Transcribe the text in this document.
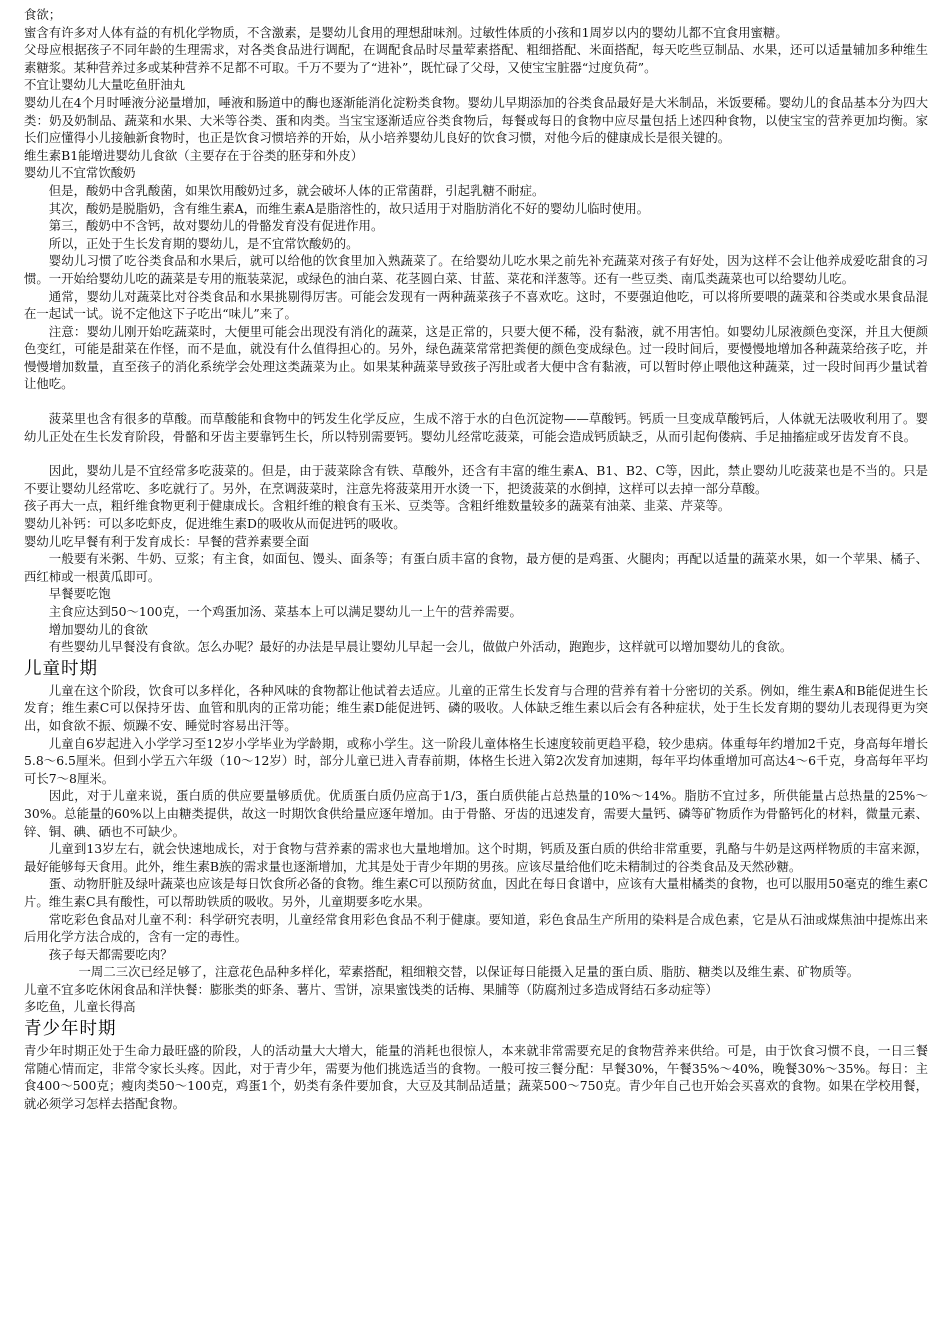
食欲；

蜜含有许多对人体有益的有机化学物质，不含激素，是婴幼儿食用的理想甜味剂。过敏性体质的小孩和1周岁以内的婴幼儿都不宜食用蜜糖。

父母应根据孩子不同年龄的生理需求，对各类食品进行调配，在调配食品时尽量荤素搭配、粗细搭配、米面搭配，每天吃些豆制品、水果，还可以适量辅加多种维生素糖浆。某种营养过多或某种营养不足都不可取。千万不要为了“进补”，既忙碌了父母，又使宝宝脏器“过度负荷”。

不宜让婴幼儿大量吃鱼肝油丸

婴幼儿在4个月时唾液分泌量增加，唾液和肠道中的酶也逐渐能消化淀粉类食物。婴幼儿早期添加的谷类食品最好是大米制品，米饭要稀。婴幼儿的食品基本分为四大类：奶及奶制品、蔬菜和水果、大米等谷类、蛋和肉类。当宝宝逐渐适应谷类食物后，每餐或每日的食物中应尽量包括上述四种食物，以使宝宝的营养更加均衡。家长们应懂得小儿接触新食物时，也正是饮食习惯培养的开始，从小培养婴幼儿良好的饮食习惯，对他今后的健康成长是很关键的。

维生素B1能增进婴幼儿食欲（主要存在于谷类的胚芽和外皮）

婴幼儿不宜常饮酸奶

但是，酸奶中含乳酸菌，如果饮用酸奶过多，就会破坏人体的正常菌群，引起乳糖不耐症。

其次，酸奶是脱脂奶，含有维生素A，而维生素A是脂溶性的，故只适用于对脂肪消化不好的婴幼儿临时使用。

第三，酸奶中不含钙，故对婴幼儿的骨骼发育没有促进作用。

所以，正处于生长发育期的婴幼儿，是不宜常饮酸奶的。

婴幼儿习惯了吃谷类食品和水果后，就可以给他的饮食里加入熟蔬菜了。在给婴幼儿吃水果之前先补充蔬菜对孩子有好处，因为这样不会让他养成爱吃甜食的习惯。一开始给婴幼儿吃的蔬菜是专用的瓶装菜泥，或绿色的油白菜、花茎圆白菜、甘蓝、菜花和洋葱等。还有一些豆类、南瓜类蔬菜也可以给婴幼儿吃。

通常，婴幼儿对蔬菜比对谷类食品和水果挑剔得厉害。可能会发现有一两种蔬菜孩子不喜欢吃。这时，不要强迫他吃，可以将所要喂的蔬菜和谷类或水果食品混在一起试一试。说不定他这下子吃出“味儿”来了。

注意：婴幼儿刚开始吃蔬菜时，大便里可能会出现没有消化的蔬菜，这是正常的，只要大便不稀，没有黏液，就不用害怕。如婴幼儿尿液颜色变深，并且大便颜色变红，可能是甜菜在作怪，而不是血，就没有什么值得担心的。另外，绿色蔬菜常常把粪便的颜色变成绿色。过一段时间后，要慢慢地增加各种蔬菜给孩子吃，并慢慢增加数量，直至孩子的消化系统学会处理这类蔬菜为止。如果某种蔬菜导致孩子泻肚或者大便中含有黏液，可以暂时停止喂他这种蔬菜，过一段时间再少量试着让他吃。

菠菜里也含有很多的草酸。而草酸能和食物中的钙发生化学反应，生成不溶于水的白色沉淀物——草酸钙。钙质一旦变成草酸钙后，人体就无法吸收利用了。婴幼儿正处在生长发育阶段，骨骼和牙齿主要靠钙生长，所以特别需要钙。婴幼儿经常吃菠菜，可能会造成钙质缺乏，从而引起佝偻病、手足抽搐症或牙齿发育不良。

因此，婴幼儿是不宜经常多吃菠菜的。但是，由于菠菜除含有铁、草酸外，还含有丰富的维生素A、B1、B2、C等，因此，禁止婴幼儿吃菠菜也是不当的。只是不要让婴幼儿经常吃、多吃就行了。另外，在烹调菠菜时，注意先将菠菜用开水烫一下，把烫菠菜的水倒掉，这样可以去掉一部分草酸。

孩子再大一点，粗纤维食物更利于健康成长。含粗纤维的粮食有玉米、豆类等。含粗纤维数量较多的蔬菜有油菜、韭菜、芹菜等。

婴幼儿补钙：可以多吃虾皮，促进维生素D的吸收从而促进钙的吸收。

婴幼儿吃早餐有利于发育成长：早餐的营养素要全面

一般要有米粥、牛奶、豆浆；有主食，如面包、馒头、面条等；有蛋白质丰富的食物，最方便的是鸡蛋、火腿肉；再配以适量的蔬菜水果，如一个苹果、橘子、西红柿或一根黄瓜即可。

早餐要吃饱

主食应达到50～100克，一个鸡蛋加汤、菜基本上可以满足婴幼儿一上午的营养需要。

增加婴幼儿的食欲

有些婴幼儿早餐没有食欲。怎么办呢？最好的办法是早晨让婴幼儿早起一会儿，做做户外活动，跑跑步，这样就可以增加婴幼儿的食欲。

儿童时期

儿童在这个阶段，饮食可以多样化，各种风味的食物都让他试着去适应。儿童的正常生长发育与合理的营养有着十分密切的关系。例如，维生素A和B能促进生长发育；维生素C可以保持牙齿、血管和肌肉的正常功能；维生素D能促进钙、磷的吸收。人体缺乏维生素以后会有各种症状，处于生长发育期的婴幼儿表现得更为突出，如食欲不振、烦躁不安、睡觉时容易出汗等。

儿童自6岁起进入小学学习至12岁小学毕业为学龄期，或称小学生。这一阶段儿童体格生长速度较前更趋平稳，较少患病。体重每年约增加2千克，身高每年增长5.8～6.5厘米。但到小学五六年级（10～12岁）时，部分儿童已进入青春前期，体格生长进入第2次发育加速期，每年平均体重增加可高达4～6千克，身高每年平均可长7～8厘米。

因此，对于儿童来说，蛋白质的供应要量够质优。优质蛋白质仍应高于1/3，蛋白质供能占总热量的10%～14%。脂肪不宜过多，所供能量占总热量的25%～30%。总能量的60%以上由糖类提供，故这一时期饮食供给量应逐年增加。由于骨骼、牙齿的迅速发育，需要大量钙、磷等矿物质作为骨骼钙化的材料，微量元素、锌、铜、碘、硒也不可缺少。

儿童到13岁左右，就会快速地成长，对于食物与营养素的需求也大量地增加。这个时期，钙质及蛋白质的供给非常重要，乳酪与牛奶是这两样物质的丰富来源，最好能够每天食用。此外，维生素B族的需求量也逐渐增加，尤其是处于青少年期的男孩。应该尽量给他们吃未精制过的谷类食品及天然砂糖。

蛋、动物肝脏及绿叶蔬菜也应该是每日饮食所必备的食物。维生素C可以预防贫血，因此在每日食谱中，应该有大量柑橘类的食物，也可以服用50毫克的维生素C片。维生素C具有酸性，可以帮助铁质的吸收。另外，儿童期要多吃水果。

常吃彩色食品对儿童不利：科学研究表明，儿童经常食用彩色食品不利于健康。要知道，彩色食品生产所用的染料是合成色素，它是从石油或煤焦油中提炼出来后用化学方法合成的，含有一定的毒性。

孩子每天都需要吃肉？

一周二三次已经足够了，注意花色品种多样化，荤素搭配，粗细粮交替，以保证每日能摄入足量的蛋白质、脂肪、糖类以及维生素、矿物质等。

儿童不宜多吃休闲食品和洋快餐：膨胀类的虾条、薯片、雪饼，凉果蜜饯类的话梅、果脯等（防腐剂过多造成肾结石多动症等）

多吃鱼，儿童长得高

青少年时期

青少年时期正处于生命力最旺盛的阶段，人的活动量大大增大，能量的消耗也很惊人，本来就非常需要充足的食物营养来供给。可是，由于饮食习惯不良，一日三餐常随心情而定，非常令家长头疼。因此，对于青少年，需要为他们挑选适当的食物。一般可按三餐分配：早餐30%，午餐35%～40%，晚餐30%～35%。每日：主食400～500克；瘦肉类50～100克，鸡蛋1个，奶类有条件要加食，大豆及其制品适量；蔬菜500～750克。青少年自己也开始会买喜欢的食物。如果在学校用餐，就必须学习怎样去搭配食物。
